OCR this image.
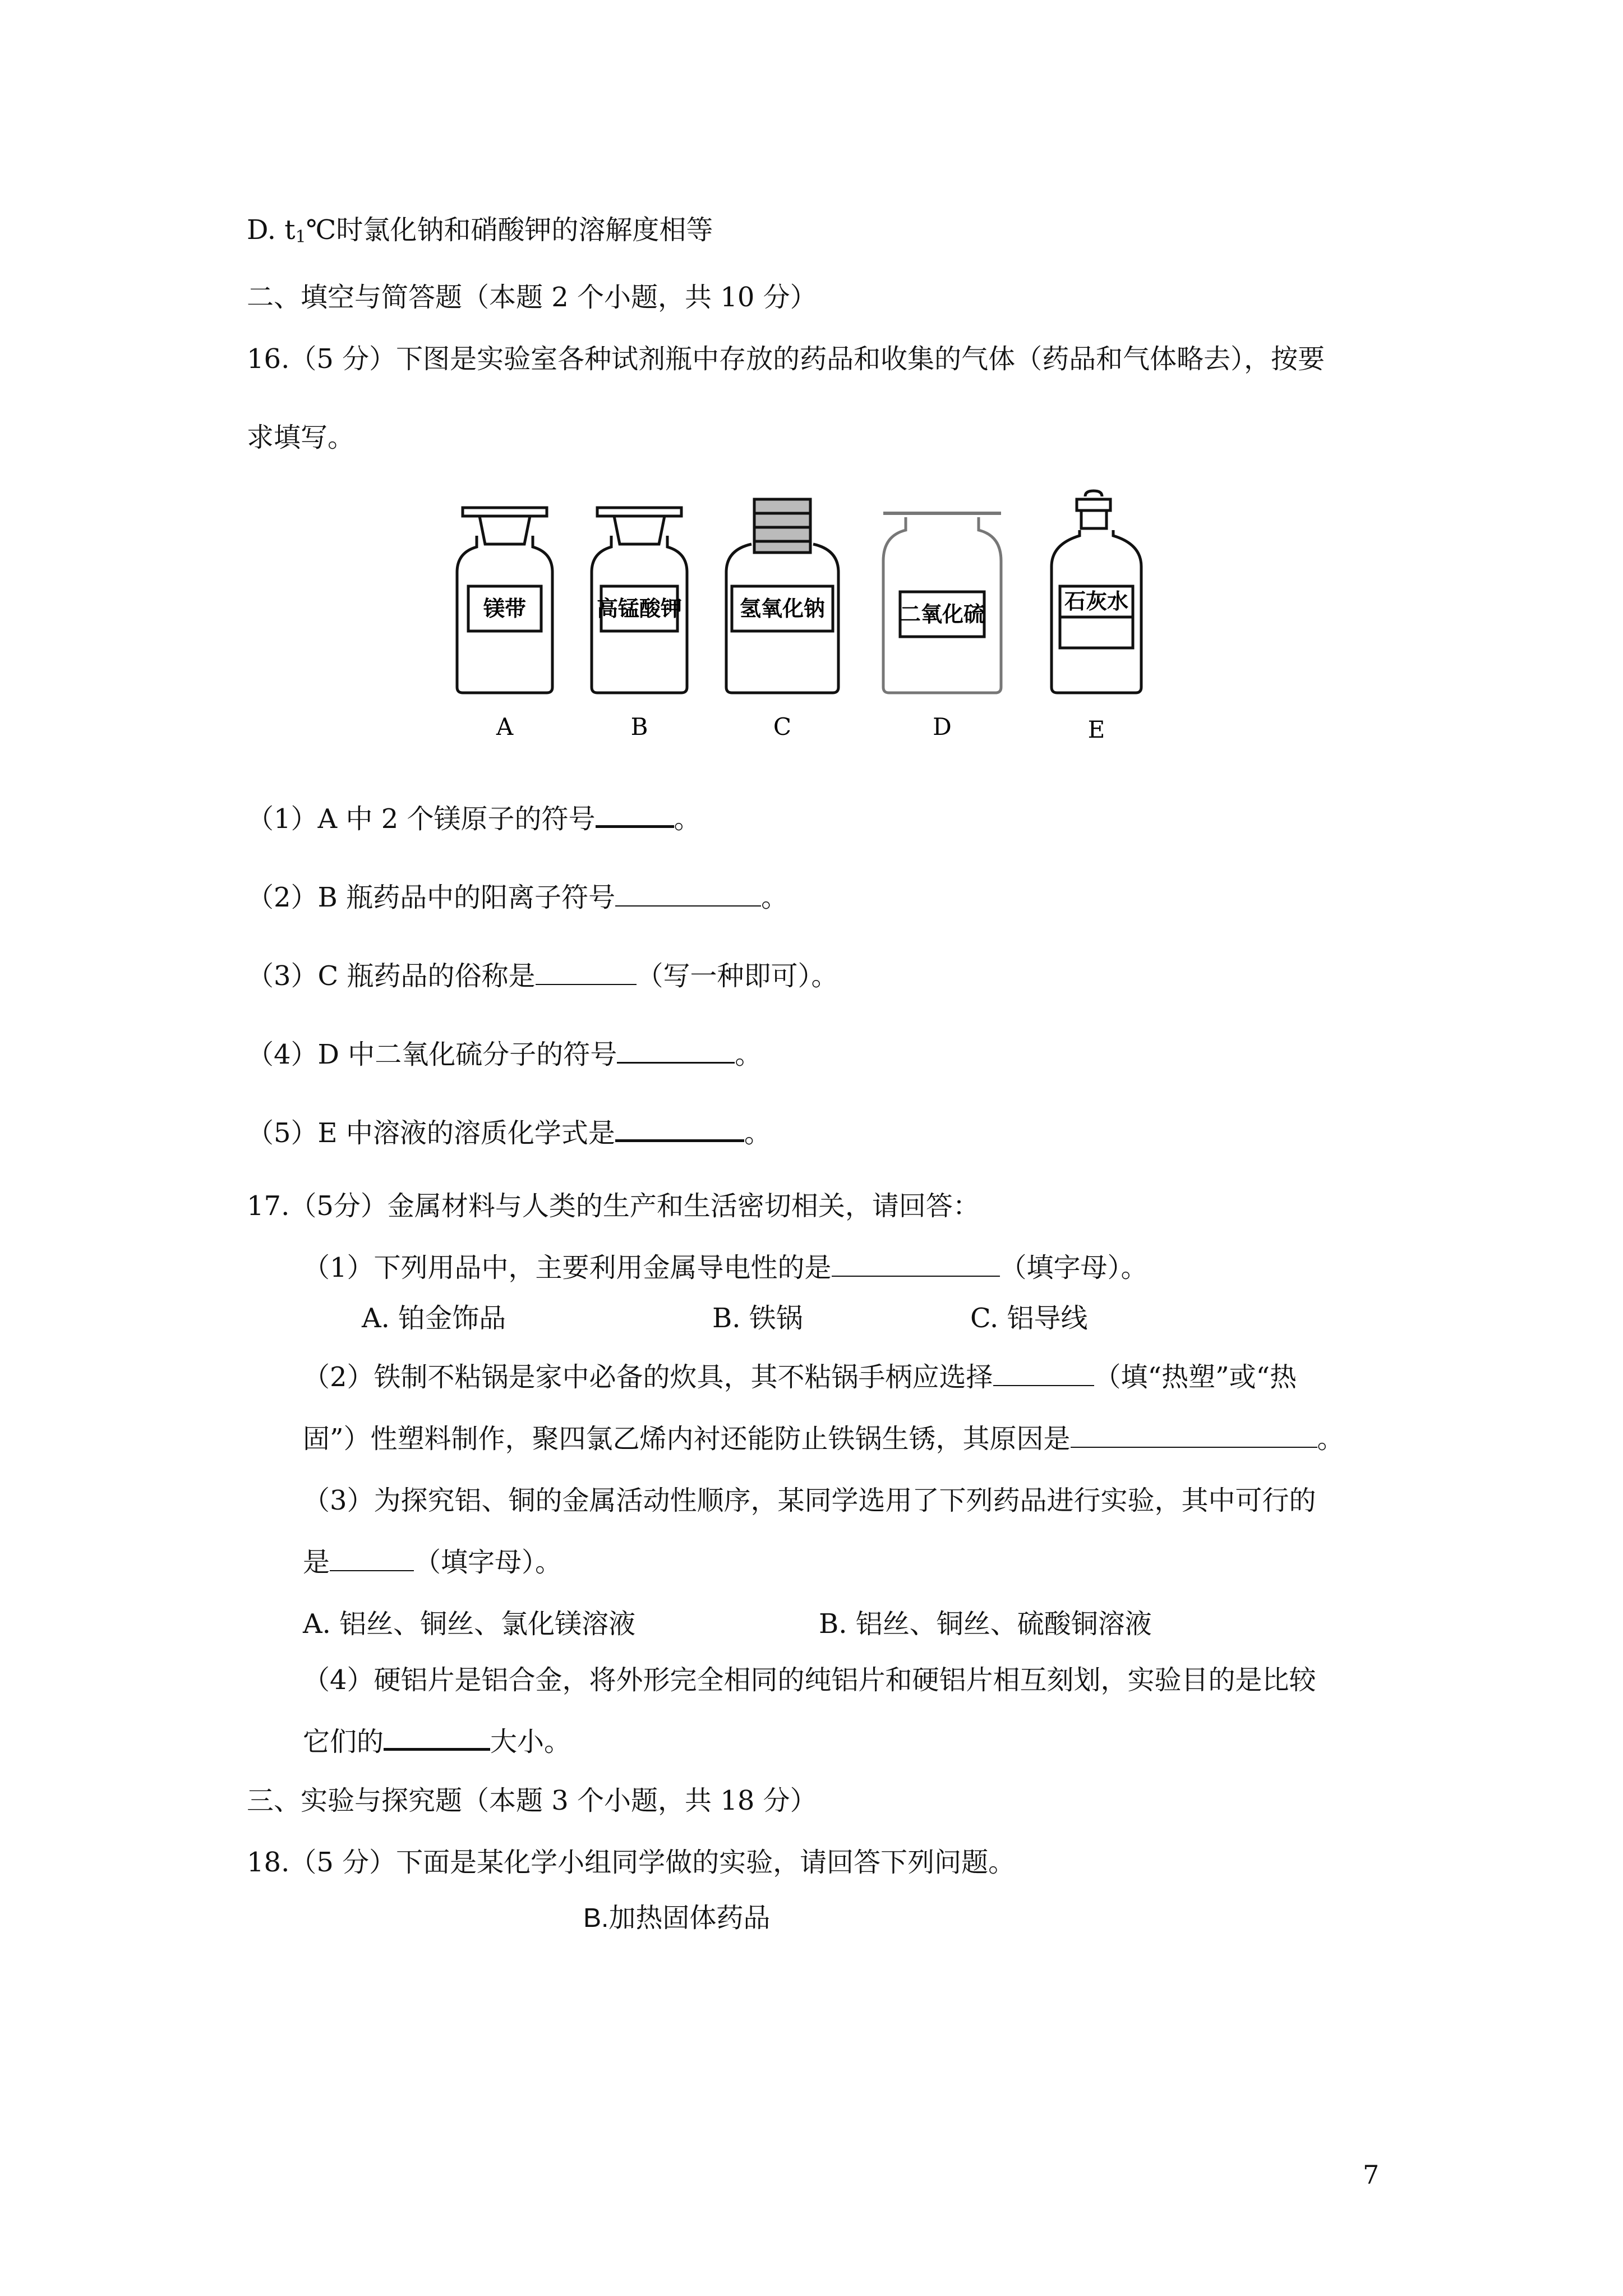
D. $t_1℃$时氯化钠和硝酸钾的溶解度相等
二、填空与简答题（本题 2 个小题，共 10 分）
16.（5 分）下图是实验室各种试剂瓶中存放的药品和收集的气体（药品和气体略去），按要
求填写。
镁带	高锰酸钾	氢氧化钠	二氧化硫
石灰水
A	B	C	D	E
（1）A 中 2 个镁原子的符号	。
（2）B 瓶药品中的阳离子符号	。
（3）C 瓶药品的俗称是	（写一种即可）。
（4）D 中二氧化硫分子的符号	。
（5）E 中溶液的溶质化学式是	。
17.（5分）金属材料与人类的生产和生活密切相关，请回答：
（1）下列用品中，主要利用金属导电性的是	（填字母）。
A. 铂金饰品	B. 铁锅	C. 铝导线
（2）铁制不粘锅是家中必备的炊具，其不粘锅手柄应选择	（填“热塑”或“热
固”）性塑料制作，聚四氯乙烯内衬还能防止铁锅生锈，其原因是	。
（3）为探究铝、铜的金属活动性顺序，某同学选用了下列药品进行实验，其中可行的
是	（填字母）。
A. 铝丝、铜丝、氯化镁溶液	B. 铝丝、铜丝、硫酸铜溶液
（4）硬铝片是铝合金，将外形完全相同的纯铝片和硬铝片相互刻划，实验目的是比较
它们的	大小。
三、实验与探究题（本题 3 个小题，共 18 分）
18.（5 分）下面是某化学小组同学做的实验，请回答下列问题。
B.加热固体药品
7
